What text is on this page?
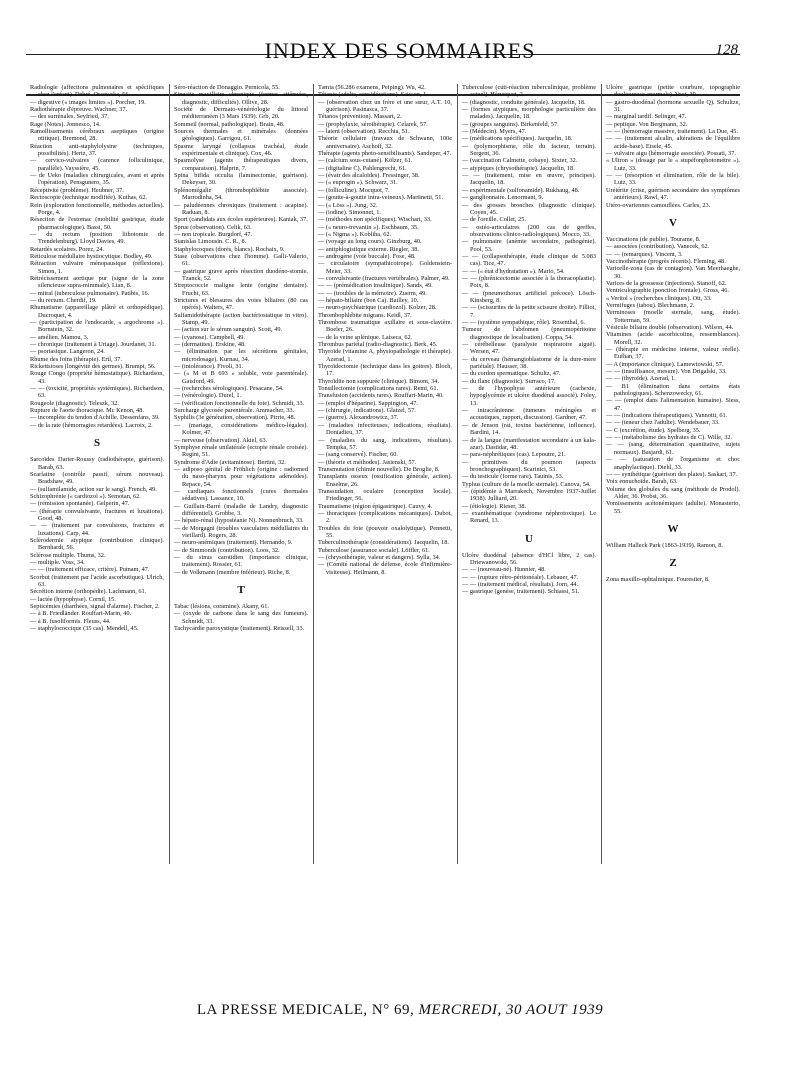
INDEX DES SOMMAIRES	128

Radiologie (affections pulmonaires et spécifiques chez l'enfant). Debré. Ossowska, 56.

— digestive (« images limites »). Porcher, 19.

Radiothérapie d'épreuve. Wachner, 37.

— des surrénales. Seyfried, 37.

Rage (Notes). Jonnesco, 14.

Ramollissements cérébraux aseptiques (origine otitique). Bremond, 28.

Réaction anti-staphylolysine (techniques, possibilités). Hertz, 37.

— cervico-vulvaires (carence folliculinique, parallèle). Vayssière, 45.

— de Ueko (maladies chirurgicales, avant et après l'opération). Pensgunero, 35.

Réceptivité (problème). Heubner, 37.

Rectoscopie (technique modifiée). Kuthas, 62.

Rein (exploration fonctionnelle, méthodes actuelles). Porge, 4.

Résection de l'estomac (mobilité gastrique, étude pharmacologique). Bassi, 50.

— du rectum (position lithotomie de Trendelenburg). Lloyd Davies, 49.

Retardés scolaires. Porez, 24.

Réticulose médullaire hystiocytique. Bodley, 49.

Rétraction vulvaire ménopausique (réflexions). Simon, 1.

Rétrécissement aortique pur (signe de la zone silencieuse supra-mimmale). Lian, 8.

— mitral (tuberculose pulmonaire). Patibis, 16.

— du rectum. Cherdif, 19.

Rhumatisme (appareillage plâtré et orthopédique). Ducroquet, 4.

— (participation de l'endocarde, « argochrome »). Bornstein, 32.

— amélien. Mamou, 3.

— chronique (traitement à Uriage). Jourdanet, 31.

— psoriasique. Langeron, 24.

Rhume des foins (thérapie). Ertl, 37.

Rickettsioses (longévité des germes). Brumpt, 56.

Rouge Congo (propriété hémostatique). Richardson, 43.

— — (toxicité, propriétés systémiques). Richardson, 63.

Rougeole (diagnostic). Teleszk, 32.

Rupture de l'aorte thoracique. Mc Kenon, 48.

— incomplète du tendon d'Achille. Dessenfans, 39.

— de la rate (hémorragies retardées). Lacroix, 2.

S

Sarcoïdes Darier-Roussy (radiothérapie, guérison). Barab, 63.

Scarlatine (contrôle passif, sérum nouveau). Bradshaw, 49.

— (sulfamilamide, action sur le sang). French, 49.

Schizophrénie (« cardiozol »). Semotan, 62.

— (rémission spontanée). Gelperin, 47.

— (thérapie convulsivante, fractures et luxations). Good, 48.

— — (traitement par convulsions, fractures et luxations). Carp, 44.

Sclérodermie atypique (contribution clinique). Bernhardt, 56.

Sclérose multiple. Thums, 32.

— multiple. Voss, 34.

— — (traitement efficace, critère). Putnam, 47.

Scorbut (traitement par l'acide ascorbutique). Ulrich, 63.

Sécrétion interne (orthopédie). Lachmann, 61.

— lactée (hypophyse). Cornil, 15.

Septicémies (diarrhées, signal d'alarme). Fischer, 2.

— à B. Friedländer. Rouffart-Marin, 40.

— à B. fusoliformis. Fleuss, 44.

— staphylococcique (35 cas). Mendell, 45.

Séro-réaction de Donaggio. Pernicola, 55.

Sinusite maxillaire chronique (formes atténuées, diagnostic, difficultés). Ollive, 28.

Société de Dermato-vénéréologie du littoral méditerranéen (3 Mars 1939). Grb, 20.

Sommeil (normal, pathologique). Brain, 48.

Sources thermales et minérales (données géologiques). Garrigou, 61.

Spasme laryngé (collapsus trachéal, étude expérimentale et clinique). Cox, 46.

Spasmolyse (agents thérapeutiques divers, comparaison). Halprin, 7.

Spina bifida occulta (laminectomie, guérison). Dekeyser, 30.

Splénomégalie (thrombophlébite associée). Marrodinha, 54.

— paludéennes chroniques (traitement : acapine). Raduan, 8.

Sport (candidats aux écoles supérieures). Kaniak, 37.

Sprue (observation). Celik, 63.

— non tropicale. Burgdorf, 47.

Stanislas Limousin. C. R., 8.

Staphylocoques (dorés, blancs). Rochaix, 9.

Stase (observations chez l'homme). Galli-Valerio, 61.

— gastrique grave après résection duodéno-stomie. Tzanck, 52.

Streptococcie maligne lente (origine dentaire). Frucht, 63.

Strictures et blessures des voies biliaires (80 cas opérés). Walters, 47.

Sulfamidothérapie (action bactériostatique in vitro). Stamp, 49.

— (action sur le sérum sanguin). Scott, 49.

— (cyanose). Campbell, 49.

— (dermatites). Erskine, 48.

— (élimination par les sécrétions génitales, microdosage). Kurnau, 34.

— (intolérance). Fivoli, 31.

— (« M et B 693 » soluble, voie parentérale). Gaisford, 49.

— (recherches sérologiques). Pesacane, 54.

— (vénérologie). Durel, 1.

— (vérification fonctionnelle du foie). Schmidt, 33.

Surcharge glycosée parentérale. Ammacher, 33.

Syphilis (3e génération, observation). Pirrie, 48.

— (mariage, considérations médico-légales). Kolmer, 47.

— nerveuse (observation). Akiel, 63.

Symphyse rénale unilatérale (ectopie rénale croisée). Regini, 51.

Syndrome d'Adie (avitaminose). Bertini, 32.

— adiposo génital de Fröhlich (origine : radiomed du naso-pharynx pour végétations adénoïdes). Repace, 54.

— cardiaques fonctionnels (cures thermales sédatives). Lassance, 10.

— Guillain-Barré (maladie de Landry, diagnostic différentiel). Grobbe, 3.

— hépato-rénal (hypostéanie N). Nonnenbruch, 33.

— de Morgagni (troubles vasculaires médullaires du vieillard). Rogers, 28.

— neuro-anémiques (traitement). Hernando, 9.

— de Simmonds (contribution). Loos, 32.

— du sinus carotidien (importance clinique, traitement). Rossier, 61.

— de Volkmann (membre inférieur). Riche, 8.

T

Tabac (lésions, coramine). Akany, 61.

— (oxyde de carbone dans le sang des fumeurs). Schmidt, 33.

Tachycardie paroxystique (traitement). Reissell, 33.

Tænia (56.286 examens, Peiping). Wu, 42.

Tétanie (adulte, considérations). Saisson, 1.

— (observation chez un frère et une sœur, A.T. 10, guérison). Pasinasca, 37.

Tétanos (prévention). Massart, 2.

— (prophylaxie, sérothérapie). Celarek, 57.

— latent (observation). Recchia, 51.

Théorie cellulaire (travaux de Schwann, 100e anniversaire). Aschoff, 32.

Thérapie (agents photo-sensibilisants). Sandeper, 47.

— (calcium sous-cutané). Kölzer, 61.

— (digitaline C). Pahlengrecht, 61.

— (évatr des alcaloïdes). Fressinger, 38.

— (« euprogin »). Schwarz, 31.

— (folliculine). Mocquot, 7.

— (goutte-à-goutte intra-veineux). Martinetti, 51.

— (« Löss »). Jung, 32.

— (iodine). Simonnet, 1.

— (méthodes non spécifiques). Wischart, 33.

— (« neuro-trevantin »). Eschbaum, 35.

— (« Nigma »). Kobliha, 62.

— (voyage au long cours). Ginzburg, 40.

— antiphlogistique externe. Riegler, 38.

— androgène (voie buccale). Fose, 48.

— circulatoire (sympathicotrope). Goldenstein-Meier, 33.

— convulsivante (fractures vertébrales). Palmer, 49.

— — (prémédication insulinique). Sands, 49.

— — (troubles de la mémoire). Zuerm, 49.

— hépato-biliaire (bon Ca). Bailley, 10.

— neuro-psychiatrique (cardiozol). Kolzer, 28.

Thrombophlébite migrans. Keidl, 37.

Thrombose traumatique axillaire et sous-clavière. Boeler, 26.

— de la veine splénique. Laiseca, 62.

Thrombus pariétal (radio-diagnostic). Berk, 45.

Thyroïde (vitamine A, physiopathologie et thérapie). Azerad, 1.

Thyroïdectomie (technique dans les goitres). Bloch, 17.

Thyroïdite non suppurée (clinique). Bimont, 34.

Tonsillectomie (complications rares). Remi, 61.

Transfusion (accidents rares). Rouffart-Marin, 40.

— (emploi d'héparine). Sappington, 47.

— (chirurgie, indications). Glatzel, 57.

— (guerre). Alexandrowicz, 37.

— (maladies infectieuses, indications, résultats). Doniadieu, 37.

— (maladies du sang, indications, résultats). Tempka, 57.

— (sang conservé). Fischer, 60.

— (théorie et méthodes). Jasienski, 57.

Transmutation (chimie nouvelle). De Broglie, 8.

Transplants osseux (ossification générale, action). Enselme, 26.

Transsudation oculaire (conception locale). Friedinger, 56.

Traumatisme (région épigastrique). Cauvy, 4.

— thoraciques (complications mécaniques). Dubot, 2.

Troubles du foie (pouvoir oxalolytique). Pennetti, 55.

Tuberculinothérapie (considérations). Jacquelin, 18.

Tuberculose (assurance sociale). Löffler, 61.

— (chrysothérapie, valeur et dangers). Sylla, 34.

— (Comité national de défense, école d'infirmière-visiteuse). Heilmann, 8.

Tuberculose (cuti-réaction tuberculinique, problème actuel). Hérvequet, 2.

— (diagnostic, conduite générale). Jacquelin, 18.

— (formes atypiques, morphologie particulière des malades). Jacquelin, 18.

— (groupes sanguins). Birkenfeld, 57.

— (Médecin). Myers, 47.

— (médications spécifiques). Jacquelin, 18.

— (polymorphisme, rôle du facteur, terrain). Sergent, 36.

— (vaccination Calmette, cobaye). Sixter, 32.

— atypiques (chrysothérapie). Jacquelin, 18.

— — (traitement, mise en œuvre, principes). Jacquelin, 18.

— expérimentale (sulfonamide). Rukhaug, 48.

— ganglionnaire. Lenormant, 9.

— des grosses bronches (diagnostic clinique). Coyen, 45.

— de l'oreille. Collet, 25.

— ostéo-articulaires (200 cas de greffes, observations clinico-radiologiques). Mocco, 33.

— pulmonaire (anémie secondaire, pathogénie). Pool, 53.

— — (collapsothérapie, étude clinique de 5.083 cas). Tice, 47.

— — (« état d'hydratation »). Mario, 54.

— — (phrénicectomie associée à la thoracoplastie). Poix, 8.

— — (pneumothorax artificiel précoce). Lösch-Kinsberg, 8.

— — (scissurites de la petite scissure droite). Fillioi, 7.

— — (système sympathique, rôle). Rosenthal, 6.

Tumeur de l'abdomen (pneumopéritoine diagnostique de localisation). Coppa, 54.

— cérébelleuse (paralysie respiratoire aiguë). Wersen, 47.

— du cerveau (hémangioblastome de la dure-mère pariétale). Hausser, 38.

— du cordon spermatique. Schultz, 47.

— du flanc (diagnostic). Surraco, 17.

— de l'hypophyse antérieure (cachexie, hypoglycémie et ulcère duodénal associé). Foley, 13.

— intracrânienne (tumeurs méningées et acoustiques, rapport, discussion). Gardner, 47.

— de Jenson (rat, toxine bactérienne, influence). Bardini, 14.

— de la langue (manifestation secondaire à un kala-azar). Dastidar, 48.

— para-néphrétiques (cas). Lepoutre, 21.

— primitives du poumon (aspects bronchographiques). Scarinici, 53.

— du testicule (forme rare). Tauinis, 53.

Typhus (culture de la moelle sternale). Canova, 54.

— (épidémie à Marrakech, Novembre 1937-Juillet 1938). Julliard, 20.

— (étiologie). Rieser, 38.

— exanthématique (syndrome néphrotoxique). Le Renard, 13.

U

Ulcère duodénal (absence d'HCl libre, 2 cas). Driewanowski, 56.

— — (nouveau-né). Hunnier, 48.

— — (rupture rétro-péritonéale). Lebauer, 47.

— — (traitement médical, résultats). Jorn, 44.

— gastrique (genèse, traitement). Schiassi, 51.

Ulcère gastrique (petite courbure, topographie douloureuse anormale). Voet, 39.

— gastro-duodénal (hormone sexuelle Q). Schultze, 31.

— marginal tardif. Selinger, 47.

— peptique. Von Bergmann, 32.

— — (hémorragie massive, traitement). La Due, 45.

— — (traitement alcalin, altérations de l'équilibre acide-base). Eisele, 45.

— vulvaire aigu (hémorragie associée). Possati, 37.

« Ultron » (dosage par le « stupéfonphotométre »). Lutz, 33.

— — (résorption et élimination, rôle de la bile). Lutz, 33.

Urétérite (crise, guérison secondaire des symptômes antérieurs). Rawl, 47.

Utéro-ovariennes camouflées. Carles, 23.

V

Vaccinations (de publie). Tourame, 8.

— associées (contribution). Vanecek, 62.

— — (remarques). Vincent, 3.

Vaccinothérapie (progrès récents). Fleming, 48.

Varicelle-zona (cas de contagion). Van Meerhaeghe, 30.

Varices de la grossesse (injections). Stanoff, 62.

Ventriculographie (ponction frontale). Gross, 46.

« Veritol » (recherches cliniques). Ott, 33.

Vermifuges (tabou). Blechmann, 2.

Verminoses (moelle sternale, sang, étude). Totterman, 59.

Vésicule biliaire double (observation). Wilson, 44.

Vitamines (acide ascorbicotine, ressemblances). Morell, 32.

— (thérapie en médecine interne, valeur réelle). Eufhan, 37.

— A (importance clinique). Lamewtowski, 57.

— — (insuffisance, mesure). Von Drigalski, 33.

— — (thyroïde). Azerad, 1.

— B1 (élimination dans certains états pathologiques). Schenzowecky, 61.

— — (emploi dans l'alimentation humaine). Siess, 47.

— — (indications thérapeutiques). Vannotti, 61.

— — (teneur chez l'adulte). Wendebauer, 33.

— C (excrétion, étude). Spelberg, 35.

— — (métabolisme des hydrates de C). Wille, 32.

— — (sang, détermination quantitative, sujets normaux). Basjardi, 61.

— — (saturation de l'organisme et choc anaphylactique). Diehl, 33.

— — synthétique (guérison des plaies). Saskari, 37.

Voix ennuchoïde. Barab, 63.

Volume des globules du sang (méthode de Prodol). Alder, 36. Probst, 36.

Vomissements acétonémiques (adulte). Monasterio, 55.

W

William Halleck Park (1863-1939). Ramon, 8.

Z

Zona maxillo-ophtalmique. Fourestier, 8.

LA PRESSE MEDICALE, N° 69, MERCREDI, 30 AOUT 1939
